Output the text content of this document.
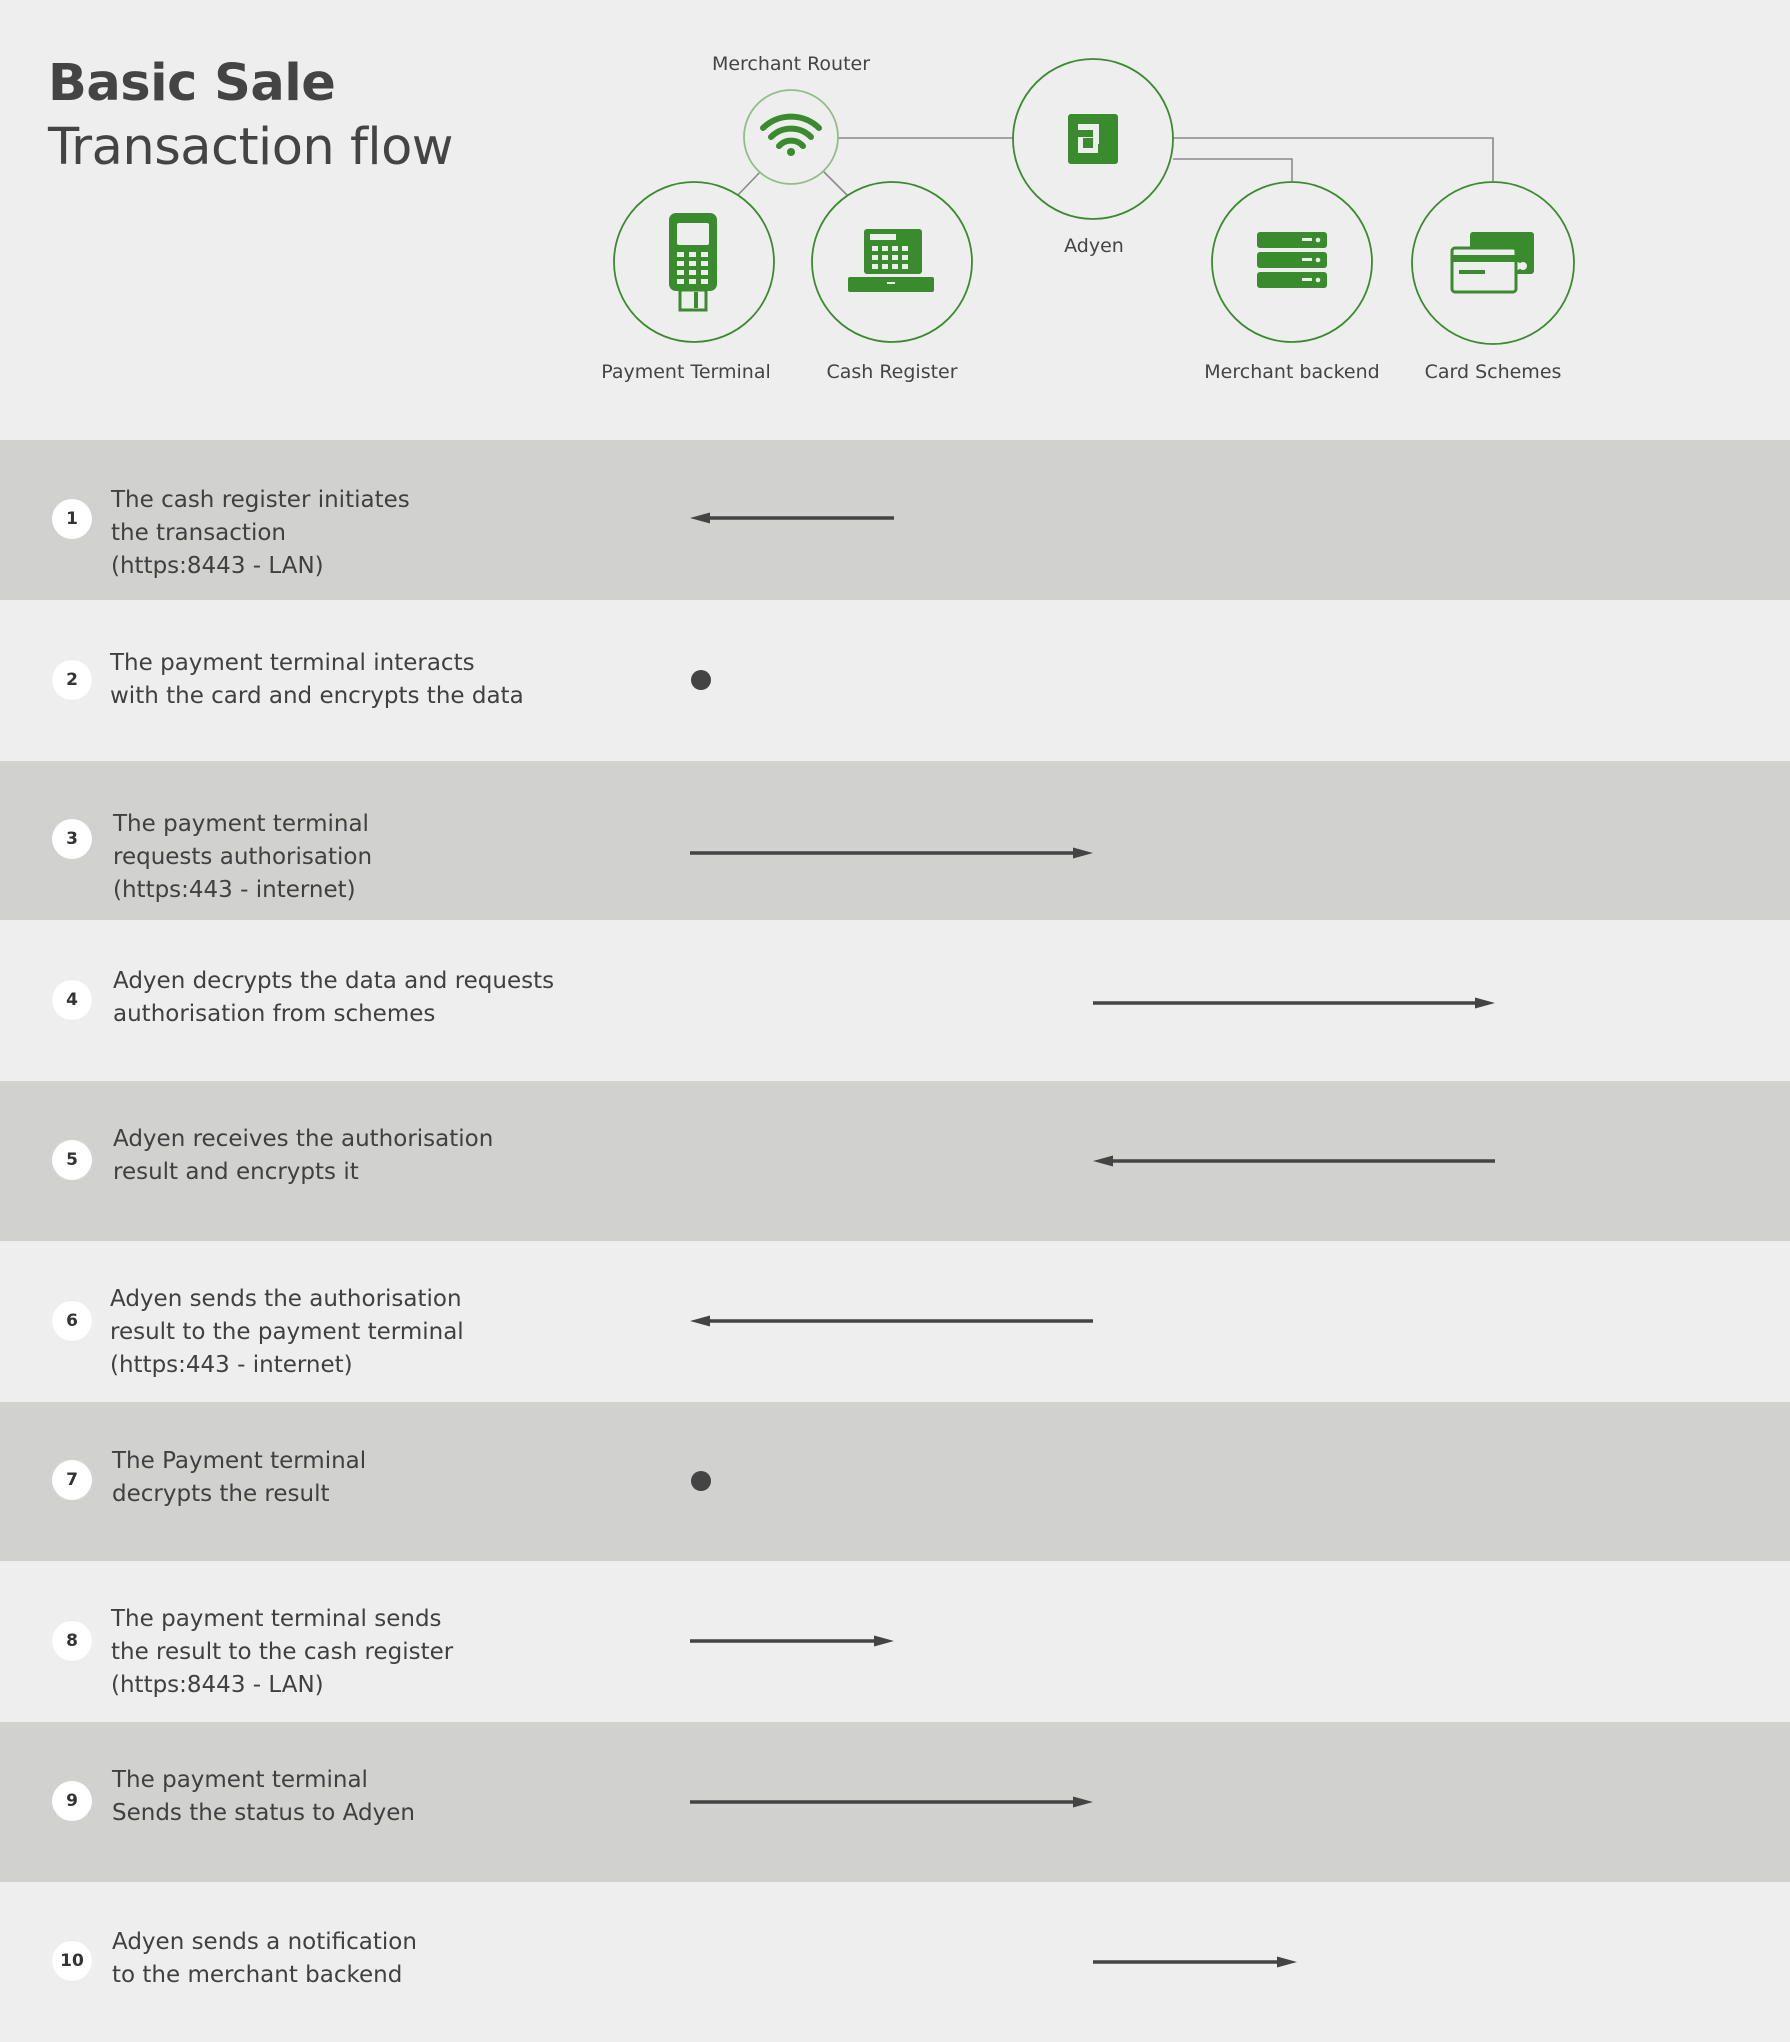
Basic Sale
Transaction flow
Merchant Router
Adyen
Payment Terminal	Cash Register	Merchant backend Card Schemes
1
The cash register initiates
the transaction
(https:8443 - LAN)
2
The payment terminal interacts
with the card and encrypts the data
3
The payment terminal
requests authorisation
(https:443 - internet)
4
Adyen decrypts the data and requests
authorisation from schemes
5
Adyen receives the authorisation
result and encrypts it
6
Adyen sends the authorisation
result to the payment terminal
(https:443 - internet)
7
The Payment terminal
decrypts the result
8
The payment terminal sends
the result to the cash register
(https:8443 - LAN)
9
The payment terminal
Sends the status to Adyen
10
Adyen sends a notification
to the merchant backend
